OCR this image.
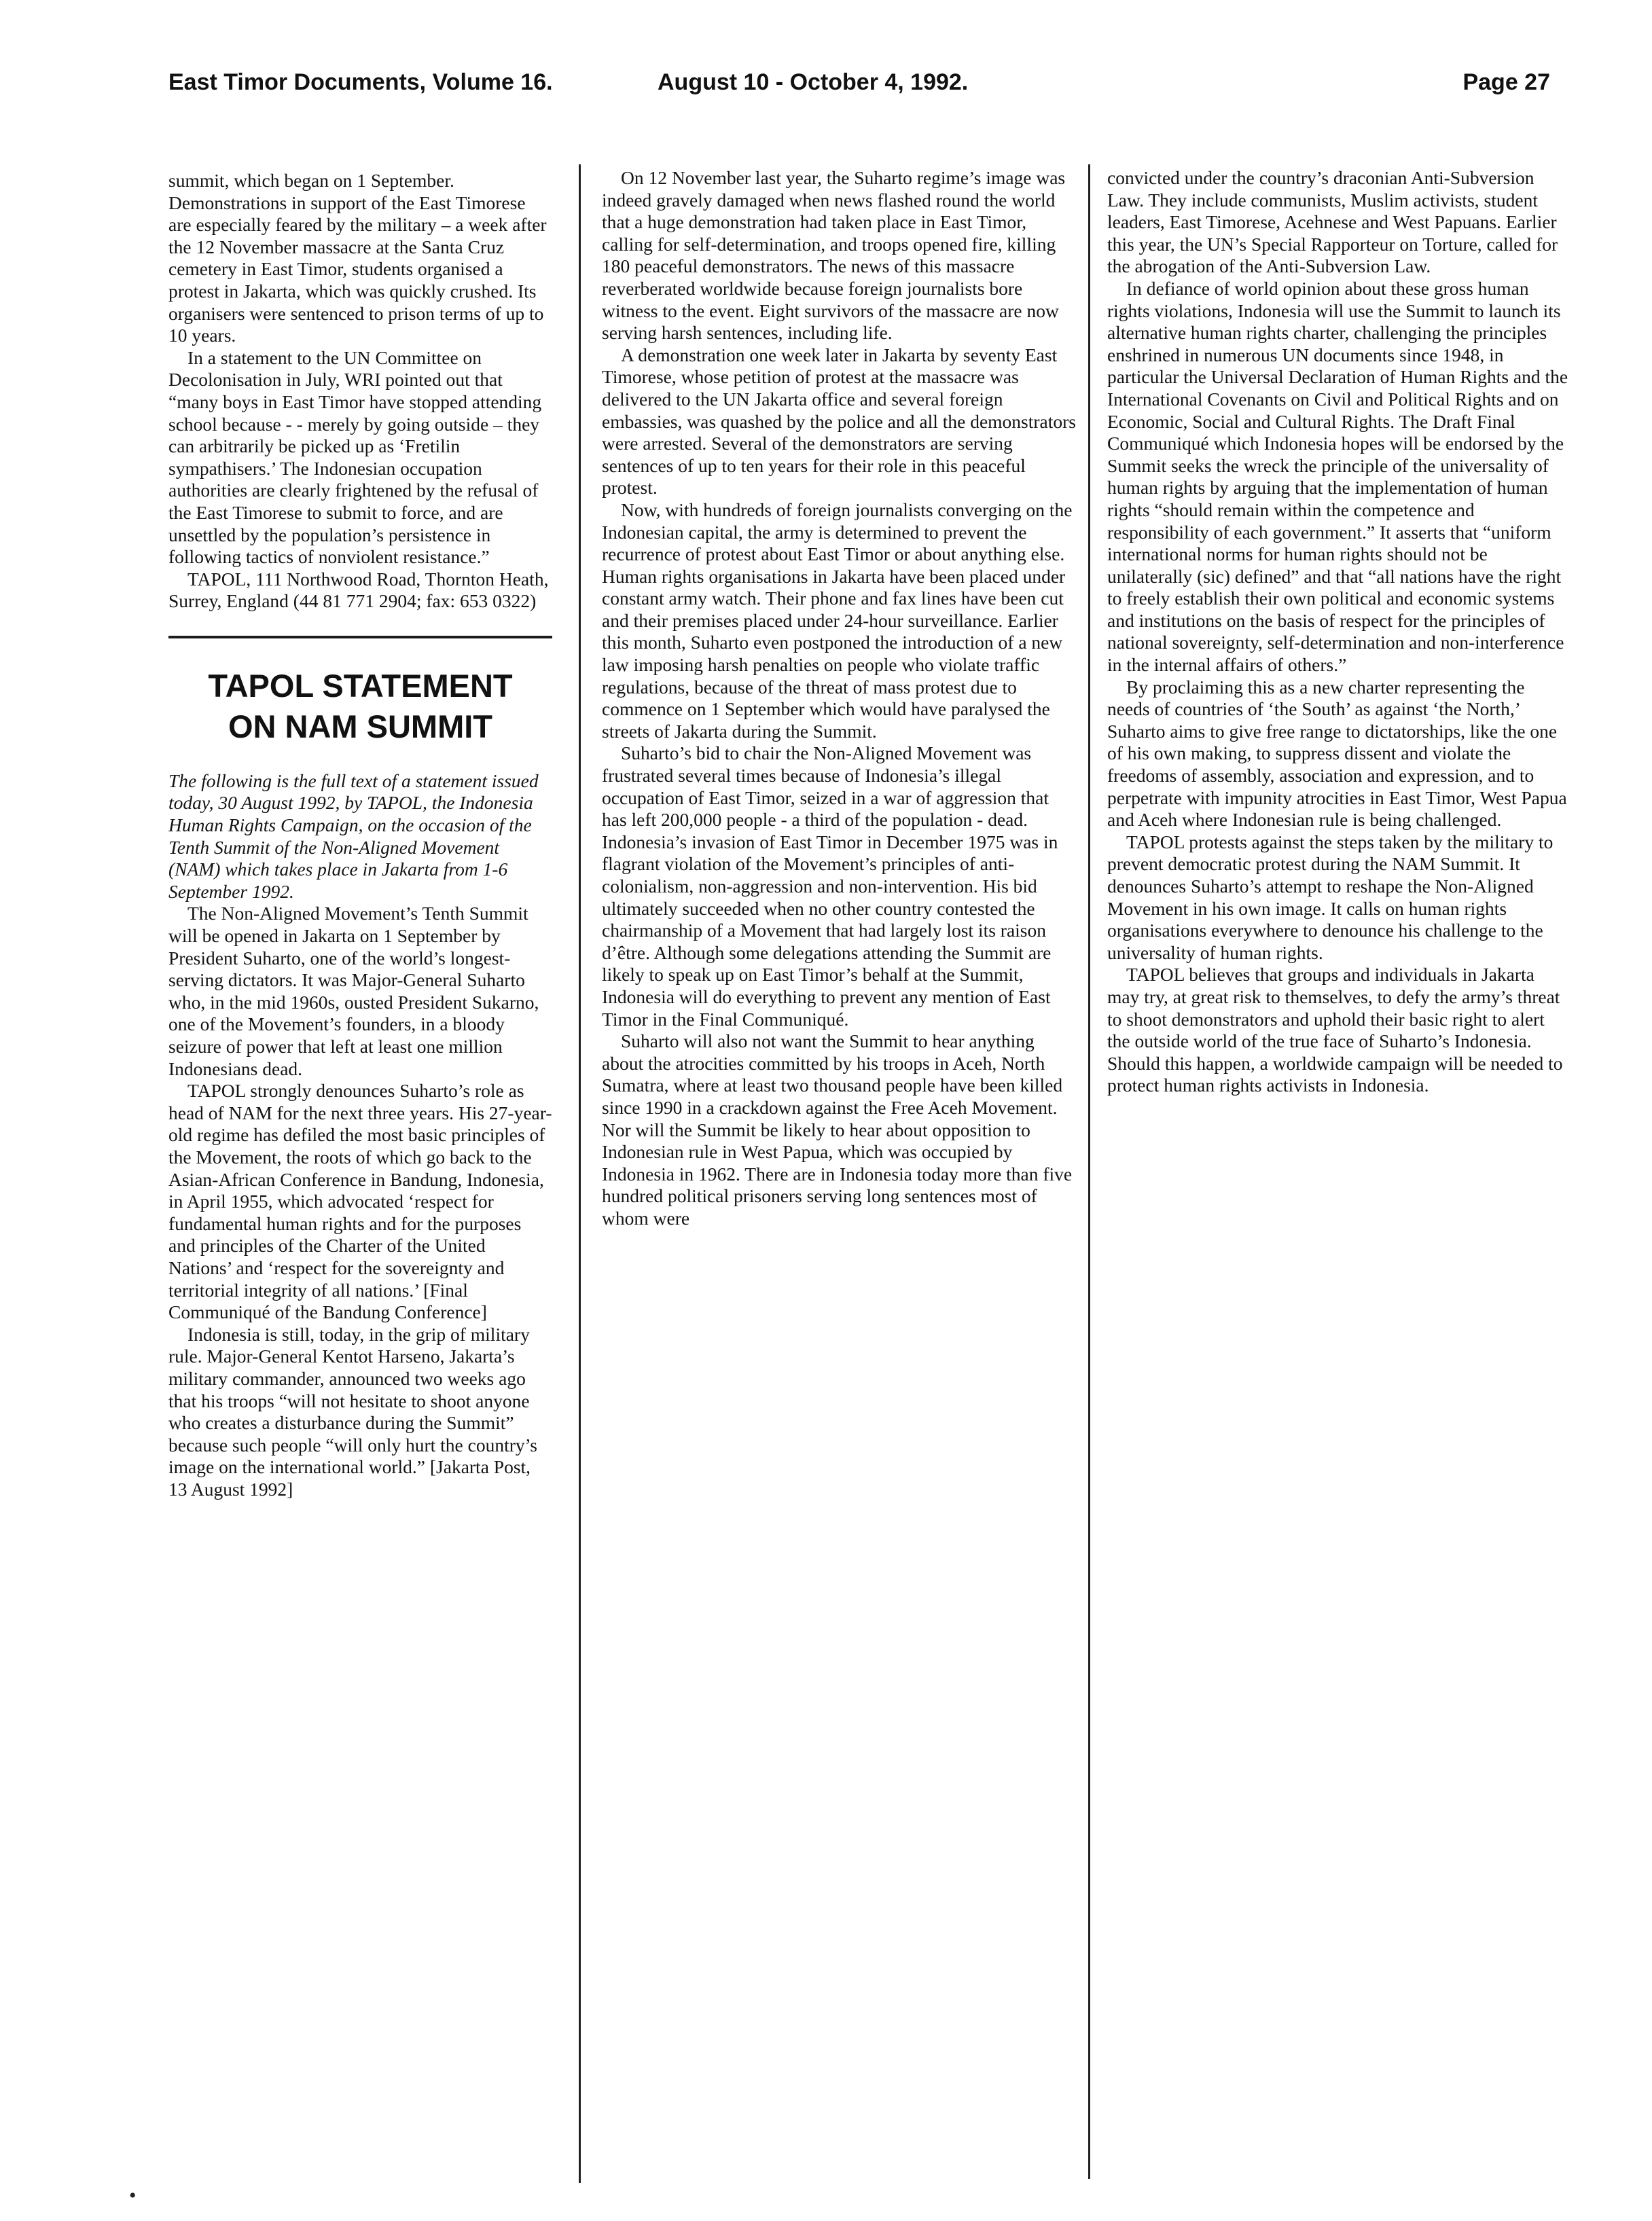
East Timor Documents, Volume 16.	August 10 - October 4, 1992.	Page 27

summit, which began on 1 September. Demonstrations in support of the East Timorese are especially feared by the military – a week after the 12 November massacre at the Santa Cruz cemetery in East Timor, students organised a protest in Jakarta, which was quickly crushed. Its organisers were sentenced to prison terms of up to 10 years.

In a statement to the UN Committee on Decolonisation in July, WRI pointed out that “many boys in East Timor have stopped attending school because - - merely by going outside – they can arbitrarily be picked up as ‘Fretilin sympathisers.’ The Indonesian occupation authorities are clearly frightened by the refusal of the East Timorese to submit to force, and are unsettled by the population’s persistence in following tactics of nonviolent resistance.”

TAPOL, 111 Northwood Road, Thornton Heath, Surrey, England (44 81 771 2904; fax: 653 0322)

TAPOL STATEMENT
ON NAM SUMMIT

The following is the full text of a statement issued today, 30 August 1992, by TAPOL, the Indonesia Human Rights Campaign, on the occasion of the Tenth Summit of the Non-Aligned Movement (NAM) which takes place in Jakarta from 1-6 September 1992.

The Non-Aligned Movement’s Tenth Summit will be opened in Jakarta on 1 September by President Suharto, one of the world’s longest-serving dictators. It was Major-General Suharto who, in the mid 1960s, ousted President Sukarno, one of the Movement’s founders, in a bloody seizure of power that left at least one million Indonesians dead.

TAPOL strongly denounces Suharto’s role as head of NAM for the next three years. His 27-year-old regime has defiled the most basic principles of the Movement, the roots of which go back to the Asian-African Conference in Bandung, Indonesia, in April 1955, which advocated ‘respect for fundamental human rights and for the purposes and principles of the Charter of the United Nations’ and ‘respect for the sovereignty and territorial integrity of all nations.’ [Final Communiqué of the Bandung Conference]

Indonesia is still, today, in the grip of military rule. Major-General Kentot Harseno, Jakarta’s military commander, announced two weeks ago that his troops “will not hesitate to shoot anyone who creates a disturbance during the Summit” because such people “will only hurt the country’s image on the international world.” [Jakarta Post, 13 August 1992]

On 12 November last year, the Suharto regime’s image was indeed gravely damaged when news flashed round the world that a huge demonstration had taken place in East Timor, calling for self-determination, and troops opened fire, killing 180 peaceful demonstrators. The news of this massacre reverberated worldwide because foreign journalists bore witness to the event. Eight survivors of the massacre are now serving harsh sentences, including life.

A demonstration one week later in Jakarta by seventy East Timorese, whose petition of protest at the massacre was delivered to the UN Jakarta office and several foreign embassies, was quashed by the police and all the demonstrators were arrested. Several of the demonstrators are serving sentences of up to ten years for their role in this peaceful protest.

Now, with hundreds of foreign journalists converging on the Indonesian capital, the army is determined to prevent the recurrence of protest about East Timor or about anything else. Human rights organisations in Jakarta have been placed under constant army watch. Their phone and fax lines have been cut and their premises placed under 24-hour surveillance. Earlier this month, Suharto even postponed the introduction of a new law imposing harsh penalties on people who violate traffic regulations, because of the threat of mass protest due to commence on 1 September which would have paralysed the streets of Jakarta during the Summit.

Suharto’s bid to chair the Non-Aligned Movement was frustrated several times because of Indonesia’s illegal occupation of East Timor, seized in a war of aggression that has left 200,000 people - a third of the population - dead. Indonesia’s invasion of East Timor in December 1975 was in flagrant violation of the Movement’s principles of anti-colonialism, non-aggression and non-intervention. His bid ultimately succeeded when no other country contested the chairmanship of a Movement that had largely lost its raison d’être. Although some delegations attending the Summit are likely to speak up on East Timor’s behalf at the Summit, Indonesia will do everything to prevent any mention of East Timor in the Final Communiqué.

Suharto will also not want the Summit to hear anything about the atrocities committed by his troops in Aceh, North Sumatra, where at least two thousand people have been killed since 1990 in a crackdown against the Free Aceh Movement. Nor will the Summit be likely to hear about opposition to Indonesian rule in West Papua, which was occupied by Indonesia in 1962. There are in Indonesia today more than five hundred political prisoners serving long sentences most of whom were

convicted under the country’s draconian Anti-Subversion Law. They include communists, Muslim activists, student leaders, East Timorese, Acehnese and West Papuans. Earlier this year, the UN’s Special Rapporteur on Torture, called for the abrogation of the Anti-Subversion Law.

In defiance of world opinion about these gross human rights violations, Indonesia will use the Summit to launch its alternative human rights charter, challenging the principles enshrined in numerous UN documents since 1948, in particular the Universal Declaration of Human Rights and the International Covenants on Civil and Political Rights and on Economic, Social and Cultural Rights. The Draft Final Communiqué which Indonesia hopes will be endorsed by the Summit seeks the wreck the principle of the universality of human rights by arguing that the implementation of human rights “should remain within the competence and responsibility of each government.” It asserts that “uniform international norms for human rights should not be unilaterally (sic) defined” and that “all nations have the right to freely establish their own political and economic systems and institutions on the basis of respect for the principles of national sovereignty, self-determination and non-interference in the internal affairs of others.”

By proclaiming this as a new charter representing the needs of countries of ‘the South’ as against ‘the North,’ Suharto aims to give free range to dictatorships, like the one of his own making, to suppress dissent and violate the freedoms of assembly, association and expression, and to perpetrate with impunity atrocities in East Timor, West Papua and Aceh where Indonesian rule is being challenged.

TAPOL protests against the steps taken by the military to prevent democratic protest during the NAM Summit. It denounces Suharto’s attempt to reshape the Non-Aligned Movement in his own image. It calls on human rights organisations everywhere to denounce his challenge to the universality of human rights.

TAPOL believes that groups and individuals in Jakarta may try, at great risk to themselves, to defy the army’s threat to shoot demonstrators and uphold their basic right to alert the outside world of the true face of Suharto’s Indonesia. Should this happen, a worldwide campaign will be needed to protect human rights activists in Indonesia.

•
